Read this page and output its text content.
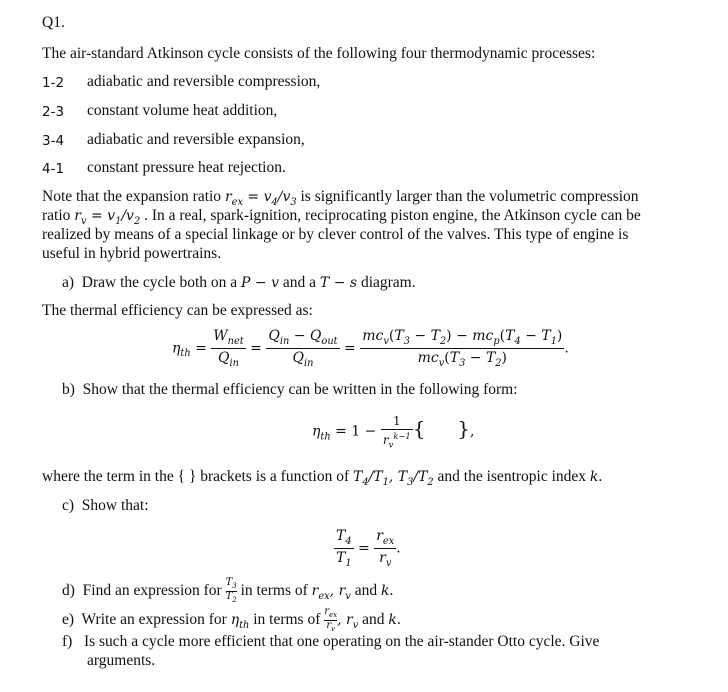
Q1.
The air-standard Atkinson cycle consists of the following four thermodynamic processes:
1-2 adiabatic and reversible compression,
2-3 constant volume heat addition,
3-4 adiabatic and reversible expansion,
4-1 constant pressure heat rejection.
Note that the expansion ratio $r_{ex} = v_4/v_3$ is significantly larger than the volumetric compression
ratio $r_v = v_1/v_2$ . In a real, spark-ignition, reciprocating piston engine, the Atkinson cycle can be
realized by means of a special linkage or by clever control of the valves. This type of engine is
useful in hybrid powertrains.
a) Draw the cycle both on a P − v and a T − s diagram.
The thermal efficiency can be expressed as:
$\eta_{th} = \frac{W_{net}}{Q_{in}} = \frac{Q_{in} - Q_{out}}{Q_{in}} = \frac{mc_v(T_3 - T_2) - mc_p(T_4 - T_1)}{mc_v(T_3 - T_2)}$ .
b) Show that the thermal efficiency can be written in the following form:
$\eta_{th} = 1 - \frac{1}{r_v^{k-1}}$ {     },
where the term in the { } brackets is a function of $T_4/T_1$, $T_3/T_2$ and the isentropic index k.
c) Show that:
$\frac{T_4}{T_1} = \frac{r_{ex}}{r_v}$ .
d) Find an expression for $\frac{T_3}{T_2}$ in terms of $r_{ex}$, $r_v$ and k.
e) Write an expression for $\eta_{th}$ in terms of $\frac{r_{ex}}{r_v}$, $r_v$ and k.
f) Is such a cycle more efficient that one operating on the air-stander Otto cycle. Give
arguments.
